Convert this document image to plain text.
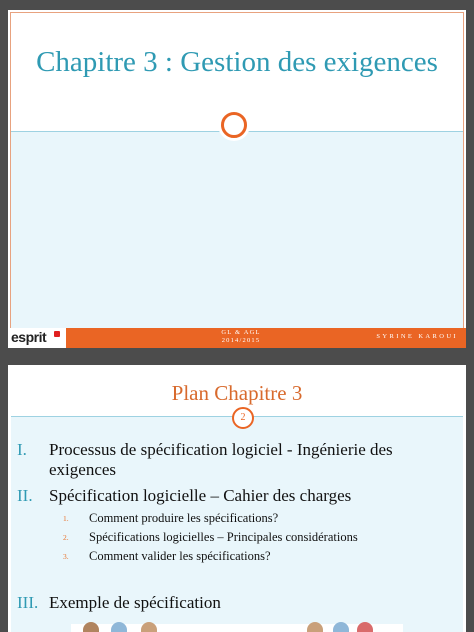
Chapitre 3 : Gestion des exigences
esprit	GL & AGL
2014/2015
SYRINE KAROUI
Plan Chapitre 3
I. Processus de spécification logiciel - Ingénierie des exigences
II. Spécification logicielle – Cahier des charges
1. Comment produire les spécifications?
2. Spécifications logicielles – Principales considérations
3. Comment valider les spécifications?
III. Exemple de spécification
2
